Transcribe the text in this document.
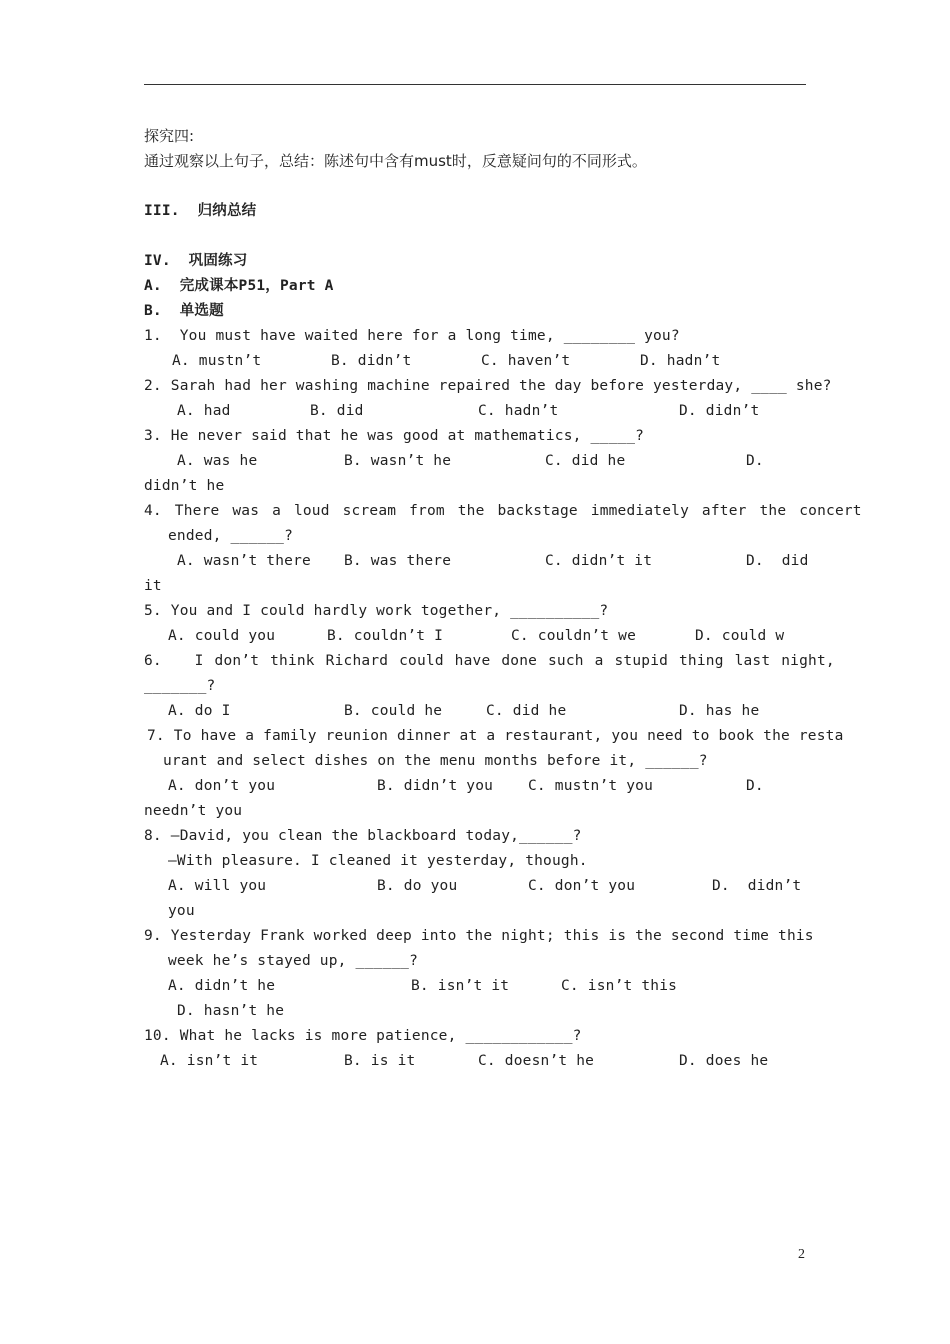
探究四:
通过观察以上句子，总结：陈述句中含有must时，反意疑问句的不同形式。
III.  归纳总结
IV.  巩固练习
A.  完成课本P51，Part A
B.  单选题
1.  You must have waited here for a long time, ________ you?
A. mustn’t	B. didn’t	C. haven’t	D. hadn’t
2. Sarah had her washing machine repaired the day before yesterday, ____ she?
A. had	B. did	C. hadn’t	D. didn’t
3. He never said that he was good at mathematics, _____?
A. was he	B. wasn’t he	C. did he	D.
didn’t he
4. There was a loud scream from the backstage immediately after the concert
ended, ______?
A. wasn’t there B. was there	C. didn’t it	D.  did
it
5. You and I could hardly work together, __________?
A. could you	B. couldn’t I	C. couldn’t we	D. could w
6.   I don’t think Richard could have done such a stupid thing last night,
_______?
A. do I	B. could he	C. did he	D. has he
7. To have a family reunion dinner at a restaurant, you need to book the resta
urant and select dishes on the menu months before it, ______?
A. don’t you	B. didn’t you C. mustn’t you	D.
needn’t you
8. —David, you clean the blackboard today,______?
—With pleasure. I cleaned it yesterday, though.
A. will you	B. do you	C. don’t you	D.  didn’t
you
9. Yesterday Frank worked deep into the night; this is the second time this
week he’s stayed up, ______?
A. didn’t he	B. isn’t it	C. isn’t this
D. hasn’t he
10. What he lacks is more patience, ____________?
A. isn’t it	B. is it	C. doesn’t he	D. does he
2
